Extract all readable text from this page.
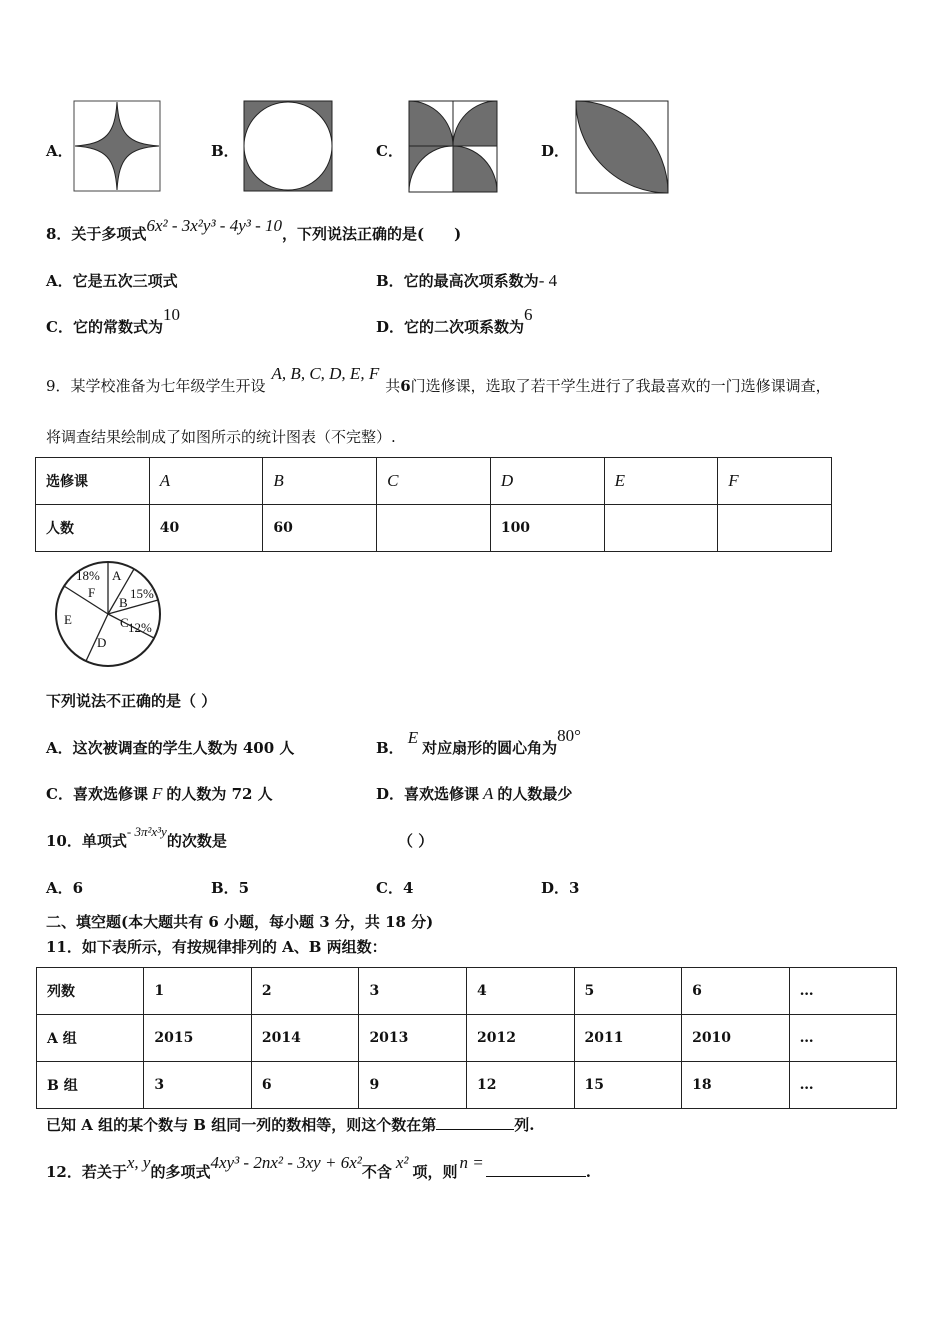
A．	B．	C．	D．
8．关于多项式6x² - 3x²y³ - 4y³ - 10，下列说法正确的是(　　)
A．它是五次三项式	B．它的最高次项系数为- 4
C．它的常数式为10
D．它的二次项系数为6
9．某学校准备为七年级学生开设A, B, C, D, E, F共6门选修课，选取了若干学生进行了我最喜欢的一门选修课调查，
将调查结果绘制成了如图所示的统计图表（不完整）.
选修课	A	B	C	D	E	F
人数	40	60		100		
18% A
F
B
15%
C 12%
E
D
下列说法不正确的是（ ）
A．这次被调查的学生人数为 400 人	B．E对应扇形的圆心角为80°
C．喜欢选修课 F 的人数为 72 人	D．喜欢选修课 A 的人数最少
10．单项式- 3π²x³y的次数是	（ ）
A．6	B．5	C．4	D．3
二、填空题(本大题共有 6 小题，每小题 3 分，共 18 分)
11．如下表所示，有按规律排列的 A、B 两组数：
列数	1	2	3	4	5	6	…
A 组	2015	2014	2013	2012	2011	2010	…
B 组	3	6	9	12	15	18	…
已知 A 组的某个数与 B 组同一列的数相等，则这个数在第	列.
12．若关于x, y的多项式4xy³ - 2nx² - 3xy + 6x²不含 x² 项，则 n =	.
